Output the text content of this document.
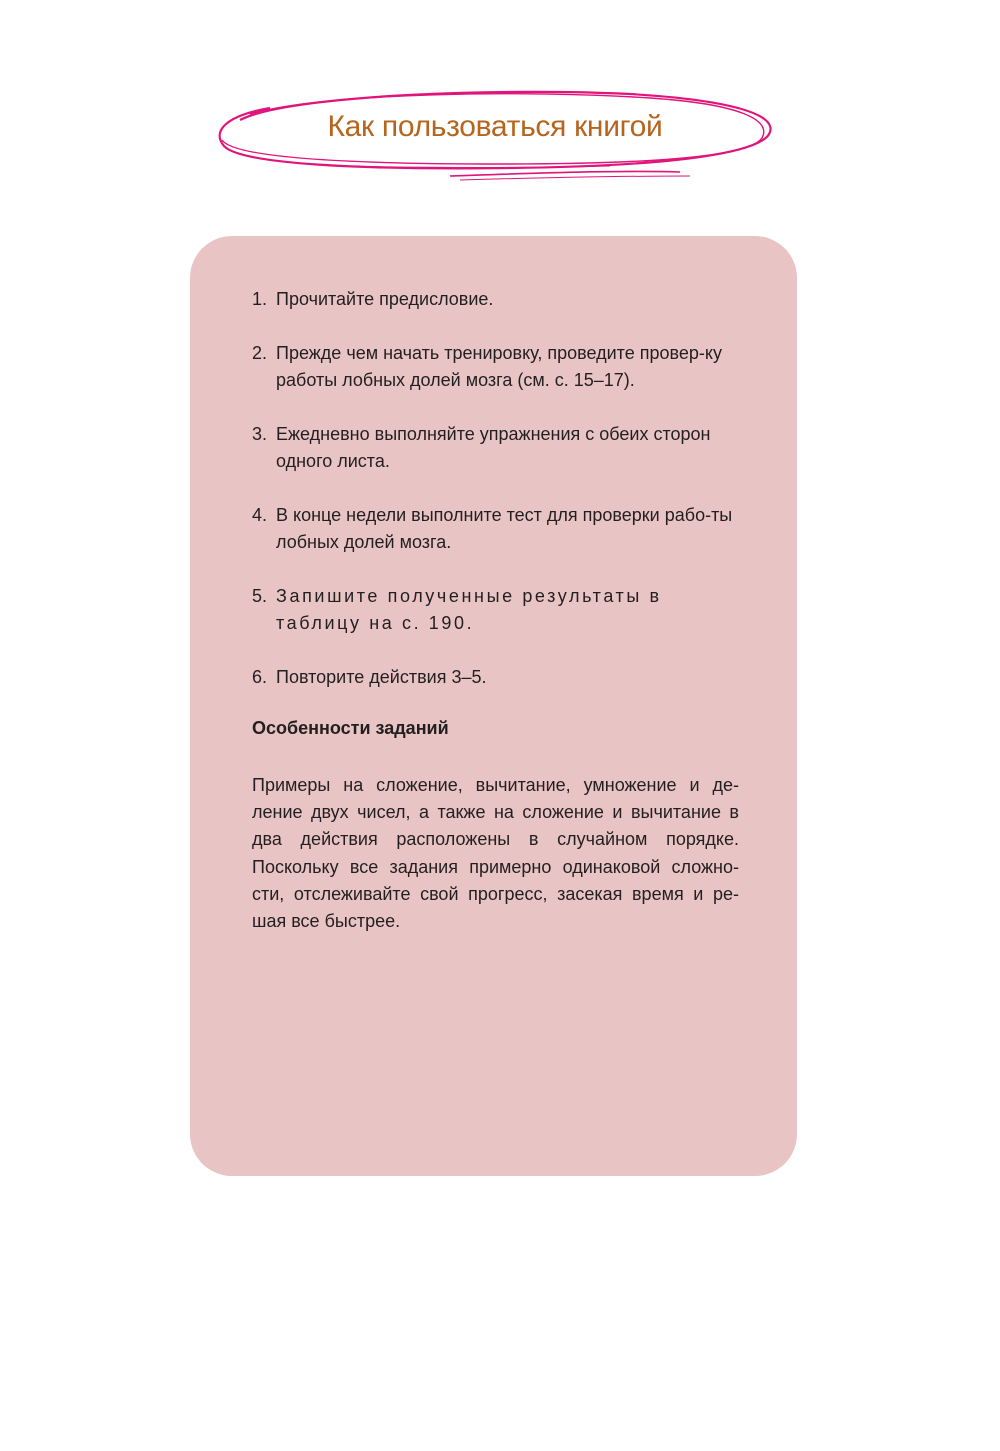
Как пользоваться книгой
1. Прочитайте предисловие.
2. Прежде чем начать тренировку, проведите провер-ку работы лобных долей мозга (см. с. 15–17).
3. Ежедневно выполняйте упражнения с обеих сторон одного листа.
4. В конце недели выполните тест для проверки рабо-ты лобных долей мозга.
5. Запишите полученные результаты в таблицу на с. 190.
6. Повторите действия 3–5.
Особенности заданий

Примеры на сложение, вычитание, умножение и де-ление двух чисел, а также на сложение и вычитание в два действия расположены в случайном порядке. Поскольку все задания примерно одинаковой сложно-сти, отслеживайте свой прогресс, засекая время и ре-шая все быстрее.
